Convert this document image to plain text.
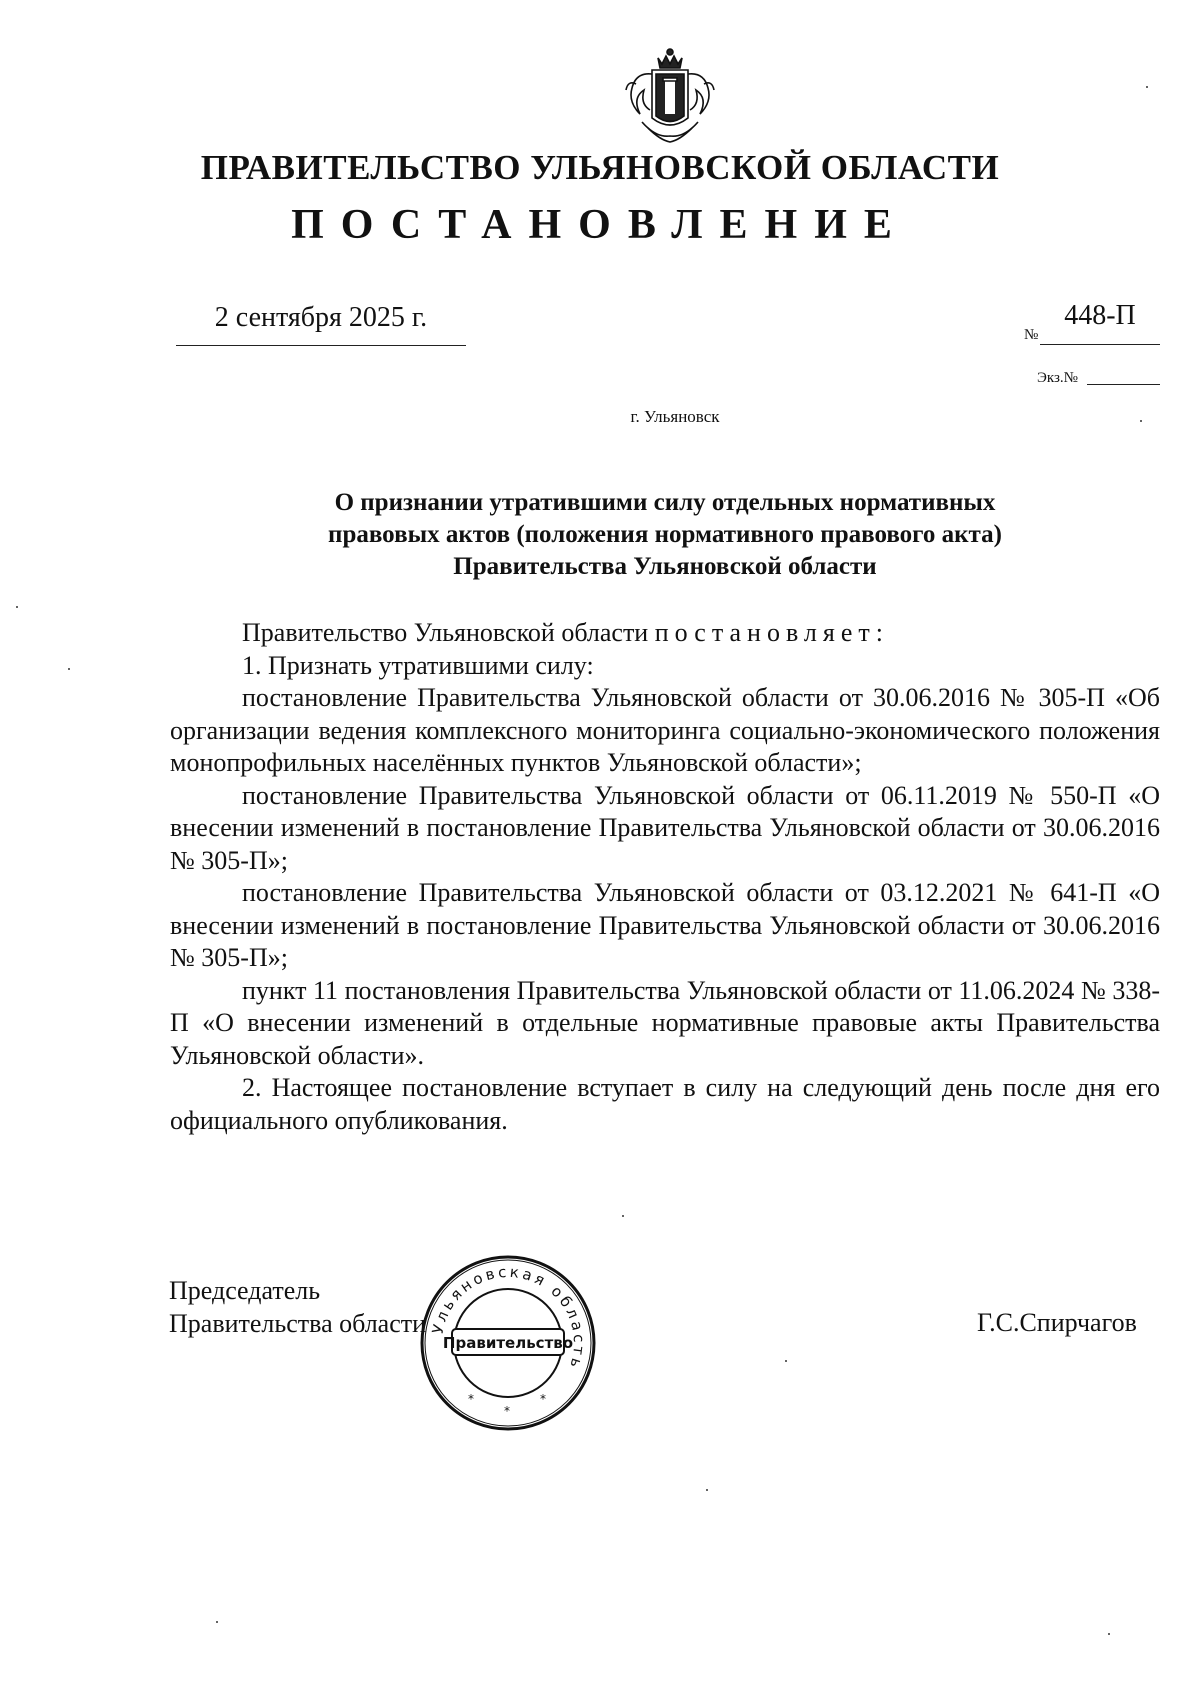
ПРАВИТЕЛЬСТВО УЛЬЯНОВСКОЙ ОБЛАСТИ
ПОСТАНОВЛЕНИЕ
2 сентября 2025 г.
№
448-П
Экз.№
г. Ульяновск
О признании утратившими силу отдельных нормативных
правовых актов (положения нормативного правового акта)
Правительства Ульяновской области

Правительство Ульяновской области постановляет:

1. Признать утратившими силу:

постановление Правительства Ульяновской области от 30.06.2016 № 305-П «Об организации ведения комплексного мониторинга социально-экономического положения монопрофильных населённых пунктов Ульяновской области»;

постановление Правительства Ульяновской области от 06.11.2019 № 550-П «О внесении изменений в постановление Правительства Ульяновской области от 30.06.2016 № 305-П»;

постановление Правительства Ульяновской области от 03.12.2021 № 641-П «О внесении изменений в постановление Правительства Ульяновской области от 30.06.2016 № 305-П»;

пункт 11 постановления Правительства Ульяновской области от 11.06.2024 № 338-П «О внесении изменений в отдельные нормативные правовые акты Правительства Ульяновской области».

2. Настоящее постановление вступает в силу на следующий день после дня его официального опубликования.

Председатель
Правительства области	Г.С.Спирчагов
Ульяновская область
Правительство
*
*
*
